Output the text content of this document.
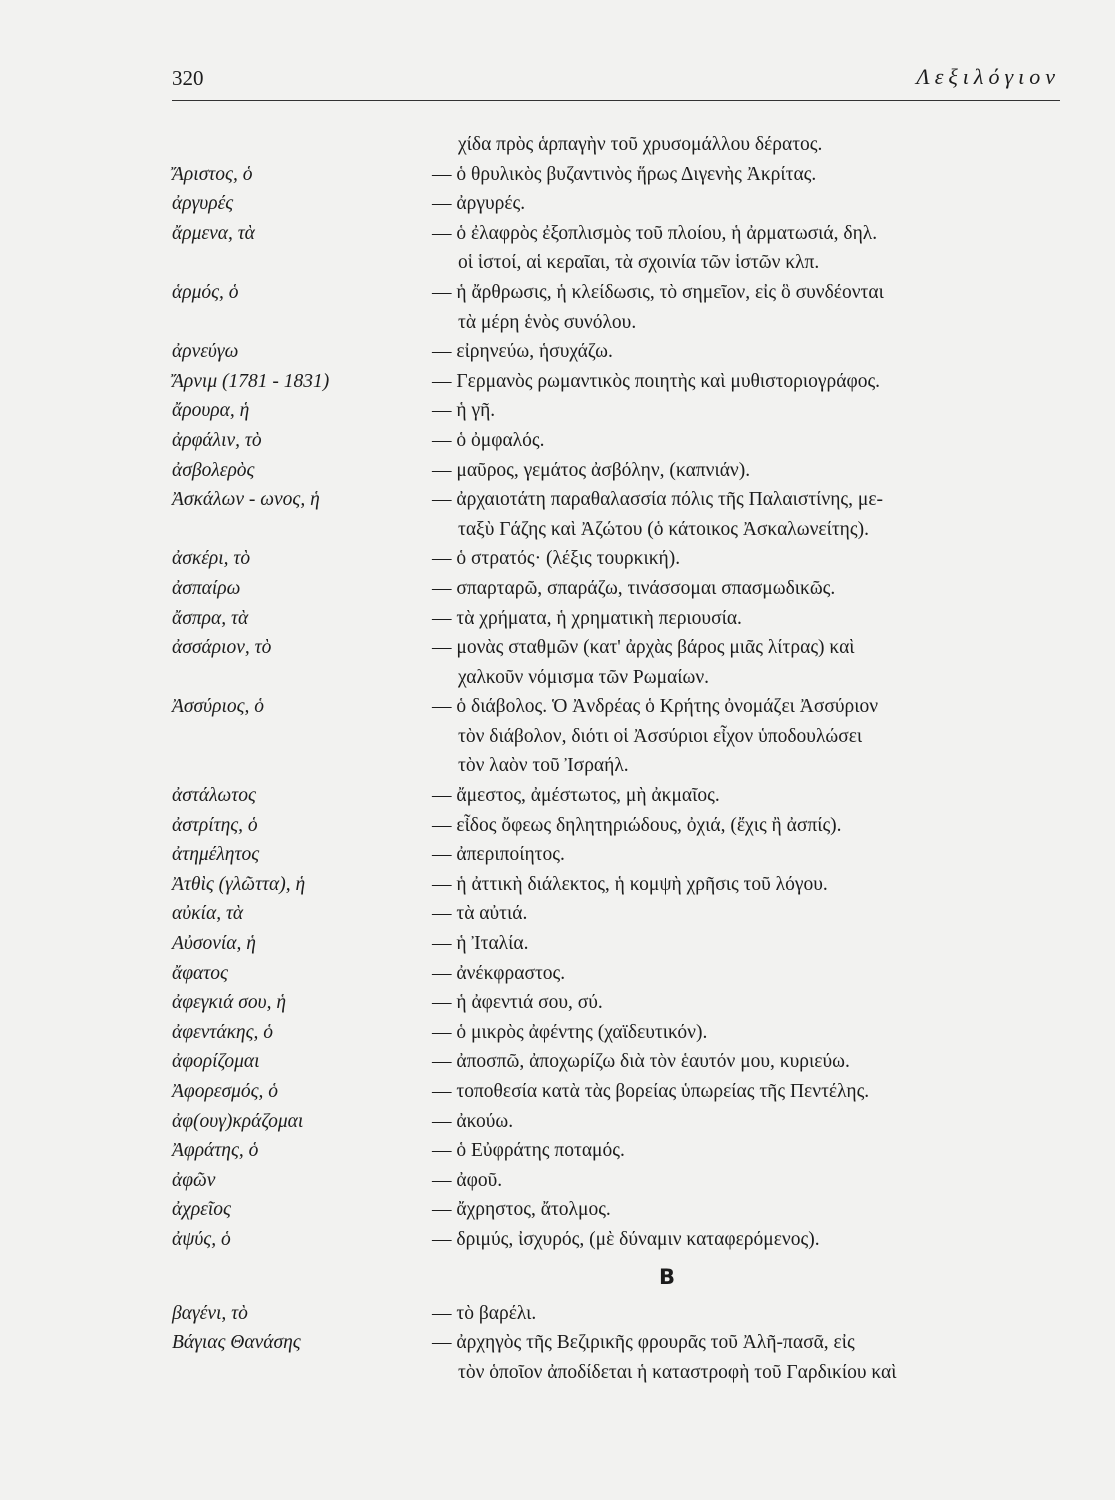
320	Λεξιλόγιον
χίδα πρὸς ἁρπαγὴν τοῦ χρυσομάλλου δέρατος.
Ἄριστος, ὁ	— ὁ θρυλικὸς βυζαντινὸς ἥρως Διγενὴς Ἀκρίτας.
ἀργυρές	— ἀργυρές.
ἄρμενα, τὰ	— ὁ ἐλαφρὸς ἐξοπλισμὸς τοῦ πλοίου, ἡ ἀρματωσιά, δηλ.
οἱ ἱστοί, αἱ κεραῖαι, τὰ σχοινία τῶν ἱστῶν κλπ.
ἁρμός, ὁ	— ἡ ἄρθρωσις, ἡ κλείδωσις, τὸ σημεῖον, εἰς ὃ συνδέονται
τὰ μέρη ἑνὸς συνόλου.
ἀρνεύγω	— εἰρηνεύω, ἡσυχάζω.
Ἄρνιμ (1781 - 1831)	— Γερμανὸς ρωμαντικὸς ποιητὴς καὶ μυθιστοριογράφος.
ἄρουρα, ἡ	— ἡ γῆ.
ἀρφάλιν, τὸ	— ὁ ὀμφαλός.
ἀσβολερὸς	— μαῦρος, γεμάτος ἀσβόλην, (καπνιάν).
Ἀσκάλων - ωνος, ἡ	— ἀρχαιοτάτη παραθαλασσία πόλις τῆς Παλαιστίνης, με-
ταξὺ Γάζης καὶ Ἀζώτου (ὁ κάτοικος Ἀσκαλωνείτης).
ἀσκέρι, τὸ	— ὁ στρατός· (λέξις τουρκική).
ἀσπαίρω	— σπαρταρῶ, σπαράζω, τινάσσομαι σπασμωδικῶς.
ἄσπρα, τὰ	— τὰ χρήματα, ἡ χρηματικὴ περιουσία.
ἀσσάριον, τὸ	— μονὰς σταθμῶν (κατ' ἀρχὰς βάρος μιᾶς λίτρας) καὶ
χαλκοῦν νόμισμα τῶν Ρωμαίων.
Ἀσσύριος, ὁ	— ὁ διάβολος. Ὁ Ἀνδρέας ὁ Κρήτης ὀνομάζει Ἀσσύριον
τὸν διάβολον, διότι οἱ Ἀσσύριοι εἶχον ὑποδουλώσει
τὸν λαὸν τοῦ Ἰσραήλ.
ἀστάλωτος	— ἄμεστος, ἀμέστωτος, μὴ ἀκμαῖος.
ἀστρίτης, ὁ	— εἶδος ὄφεως δηλητηριώδους, ὀχιά, (ἔχις ἢ ἀσπίς).
ἀτημέλητος	— ἀπεριποίητος.
Ἀτθὶς (γλῶττα), ἡ	— ἡ ἀττικὴ διάλεκτος, ἡ κομψὴ χρῆσις τοῦ λόγου.
αὐκία, τὰ	— τὰ αὐτιά.
Αὐσονία, ἡ	— ἡ Ἰταλία.
ἄφατος	— ἀνέκφραστος.
ἀφεγκιά σου, ἡ	— ἡ ἀφεντιά σου, σύ.
ἀφεντάκης, ὁ	— ὁ μικρὸς ἀφέντης (χαϊδευτικόν).
ἀφορίζομαι	— ἀποσπῶ, ἀποχωρίζω διὰ τὸν ἑαυτόν μου, κυριεύω.
Ἀφορεσμός, ὁ	— τοποθεσία κατὰ τὰς βορείας ὑπωρείας τῆς Πεντέλης.
ἀφ(ουγ)κράζομαι	— ἀκούω.
Ἀφράτης, ὁ	— ὁ Εὐφράτης ποταμός.
ἀφῶν	— ἀφοῦ.
ἀχρεῖος	— ἄχρηστος, ἄτολμος.
ἀψύς, ὁ	— δριμύς, ἰσχυρός, (μὲ δύναμιν καταφερόμενος).
Β
βαγένι, τὸ	— τὸ βαρέλι.
Βάγιας Θανάσης	— ἀρχηγὸς τῆς Βεζιρικῆς φρουρᾶς τοῦ Ἀλῆ-πασᾶ, εἰς
τὸν ὁποῖον ἀποδίδεται ἡ καταστροφὴ τοῦ Γαρδικίου καὶ
